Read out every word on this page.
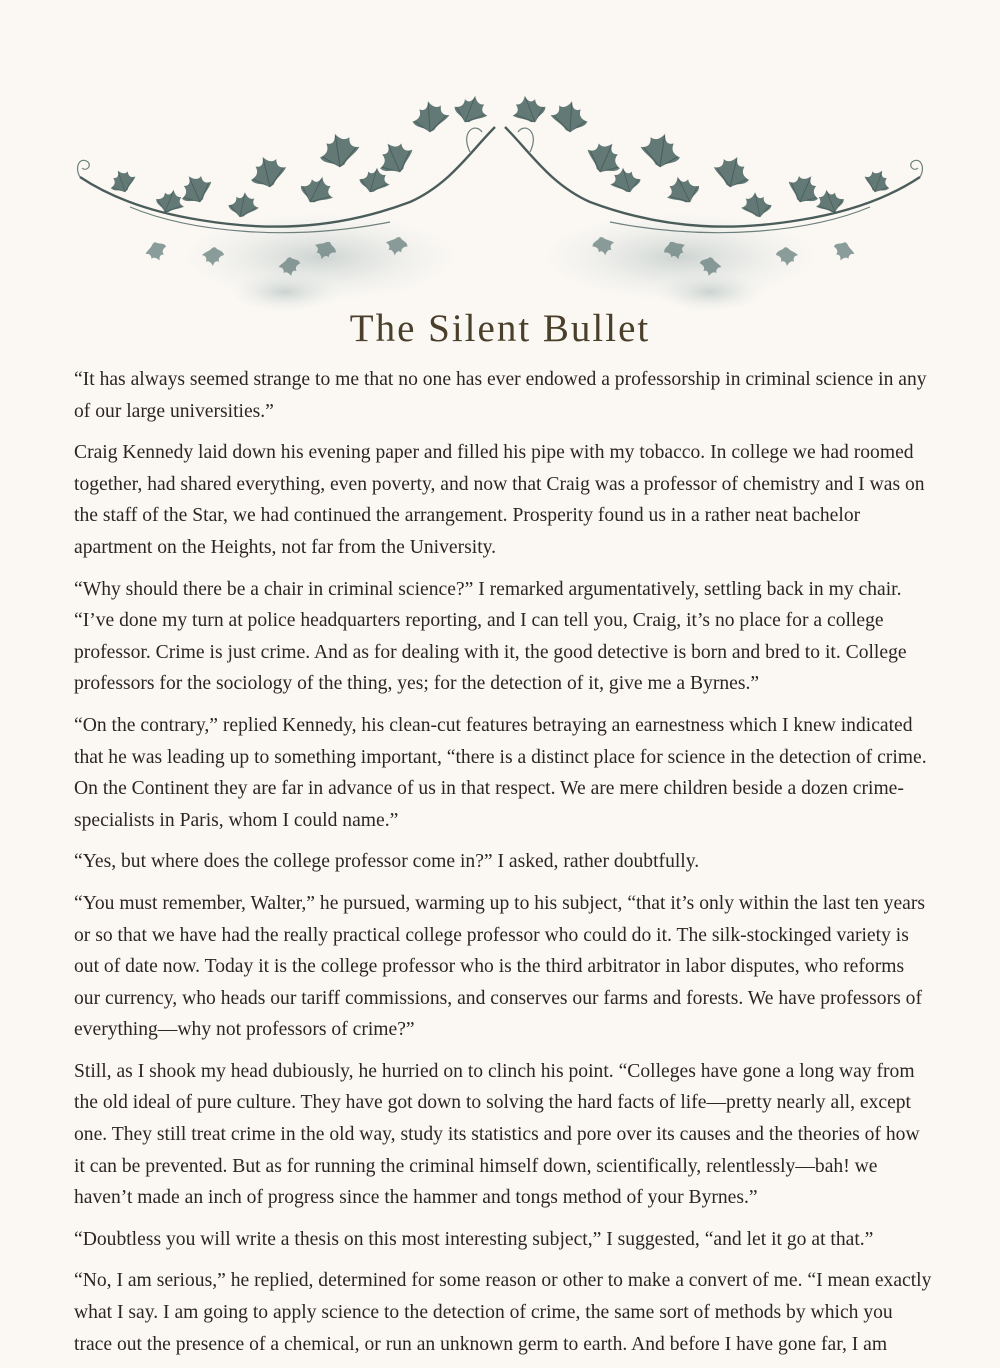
The Silent Bullet

“It has always seemed strange to me that no one has ever endowed a professorship in criminal science in any of our large universities.”

Craig Kennedy laid down his evening paper and filled his pipe with my tobacco. In college we had roomed together, had shared everything, even poverty, and now that Craig was a professor of chemistry and I was on the staff of the Star, we had continued the arrangement. Prosperity found us in a rather neat bachelor apartment on the Heights, not far from the University.

“Why should there be a chair in criminal science?” I remarked argumentatively, settling back in my chair. “I’ve done my turn at police headquarters reporting, and I can tell you, Craig, it’s no place for a college professor. Crime is just crime. And as for dealing with it, the good detective is born and bred to it. College professors for the sociology of the thing, yes; for the detection of it, give me a Byrnes.”

“On the contrary,” replied Kennedy, his clean-cut features betraying an earnestness which I knew indicated that he was leading up to something important, “there is a distinct place for science in the detection of crime. On the Continent they are far in advance of us in that respect. We are mere children beside a dozen crime-specialists in Paris, whom I could name.”

“Yes, but where does the college professor come in?” I asked, rather doubtfully.

“You must remember, Walter,” he pursued, warming up to his subject, “that it’s only within the last ten years or so that we have had the really practical college professor who could do it. The silk-stockinged variety is out of date now. Today it is the college professor who is the third arbitrator in labor disputes, who reforms our currency, who heads our tariff commissions, and conserves our farms and forests. We have professors of everything—why not professors of crime?”

Still, as I shook my head dubiously, he hurried on to clinch his point. “Colleges have gone a long way from the old ideal of pure culture. They have got down to solving the hard facts of life—pretty nearly all, except one. They still treat crime in the old way, study its statistics and pore over its causes and the theories of how it can be prevented. But as for running the criminal himself down, scientifically, relentlessly—bah! we haven’t made an inch of progress since the hammer and tongs method of your Byrnes.”

“Doubtless you will write a thesis on this most interesting subject,” I suggested, “and let it go at that.”

“No, I am serious,” he replied, determined for some reason or other to make a convert of me. “I mean exactly what I say. I am going to apply science to the detection of crime, the same sort of methods by which you trace out the presence of a chemical, or run an unknown germ to earth. And before I have gone far, I am
